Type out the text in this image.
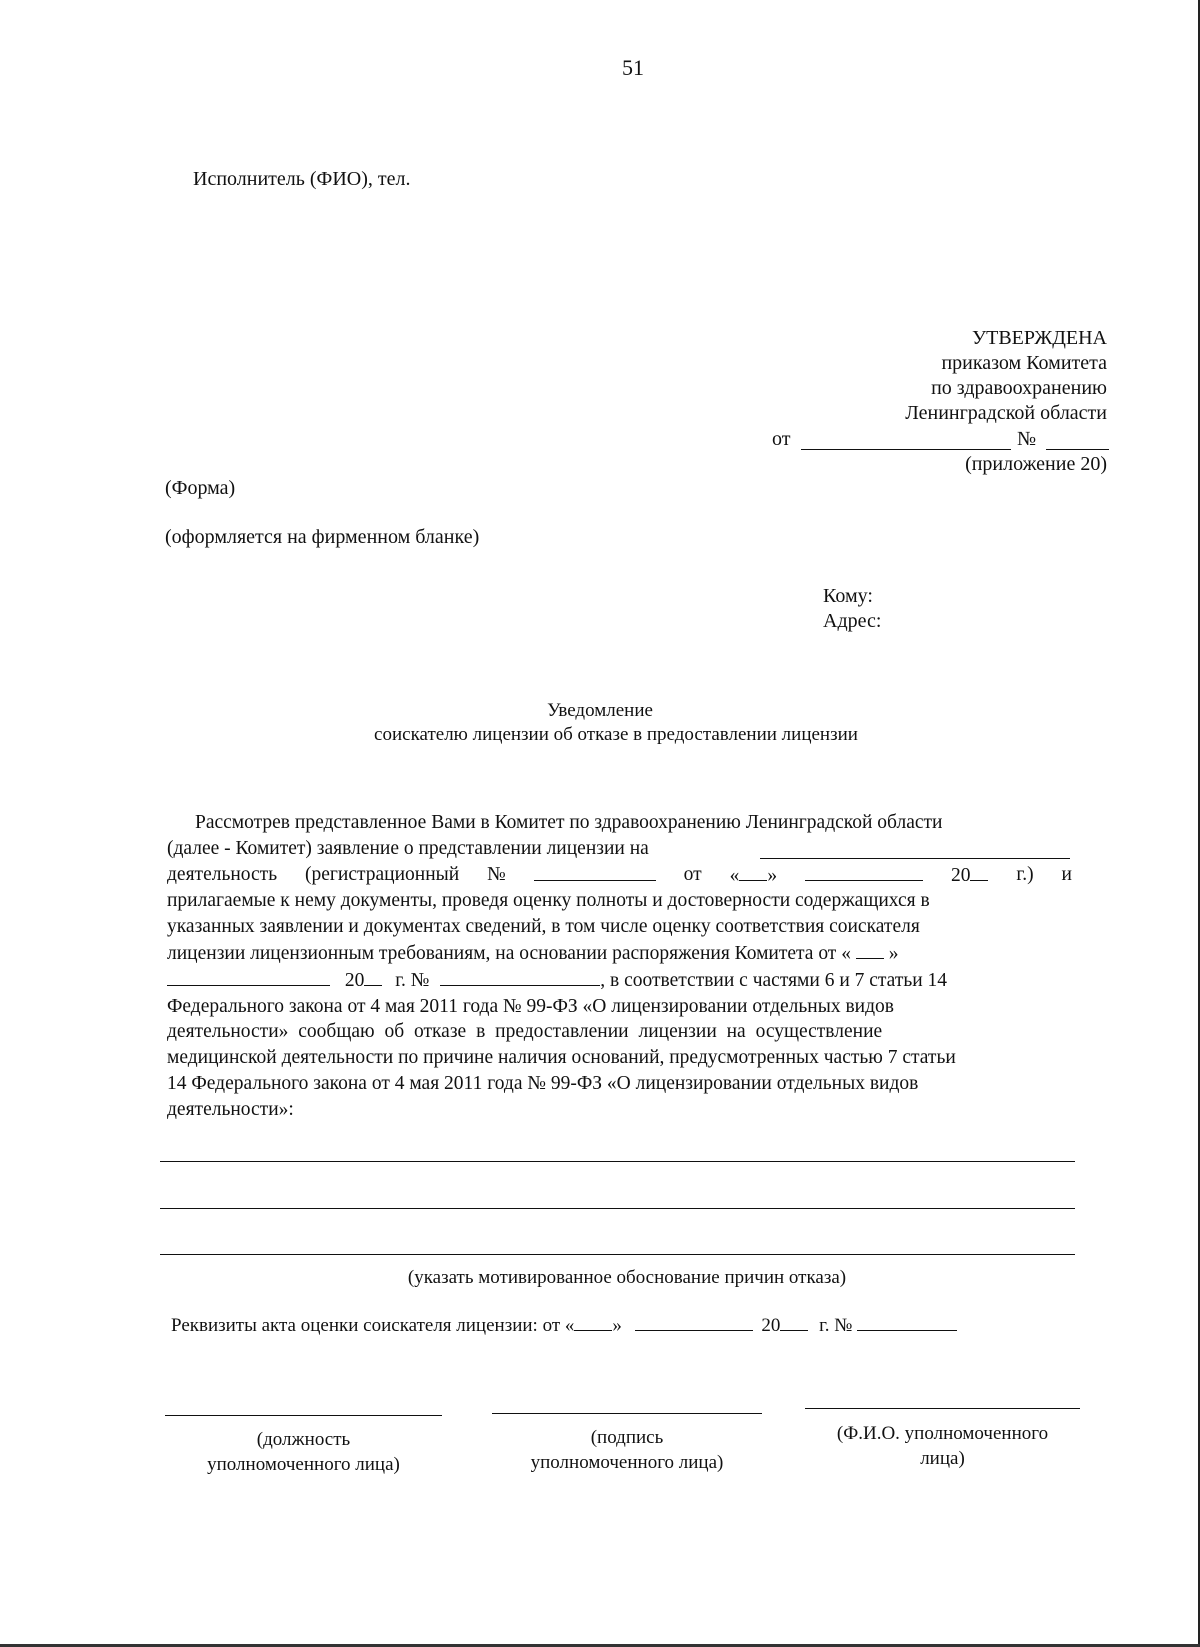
51
Исполнитель (ФИО), тел.
УТВЕРЖДЕНА
приказом Комитета
по здравоохранению
Ленинградской области
от	№
(приложение 20)
(Форма)
(оформляется на фирменном бланке)
Кому:
Адрес:
Уведомление
соискателю лицензии об отказе в предоставлении лицензии
Рассмотрев представленное Вами в Комитет по здравоохранению Ленинградской области
(далее - Комитет) заявление о представлении лицензии на
деятельность (регистрационный №	от « »	20	г.) и
прилагаемые к нему документы, проведя оценку полноты и достоверности содержащихся в
указанных заявлении и документах сведений, в том числе оценку соответствия соискателя
лицензии лицензионным требованиям, на основании распоряжения Комитета от « »
20 г. №	, в соответствии с частями 6 и 7 статьи 14
Федерального закона от 4 мая 2011 года № 99-ФЗ «О лицензировании отдельных видов
деятельности» сообщаю об отказе в предоставлении лицензии на осуществление
медицинской деятельности по причине наличия оснований, предусмотренных частью 7 статьи
14 Федерального закона от 4 мая 2011 года № 99-ФЗ «О лицензировании отдельных видов
деятельности»:
(указать мотивированное обоснование причин отказа)
Реквизиты акта оценки соискателя лицензии: от « »	20 г. №
(должность
уполномоченного лица)
(подпись
уполномоченного лица)
(Ф.И.О. уполномоченного
лица)
